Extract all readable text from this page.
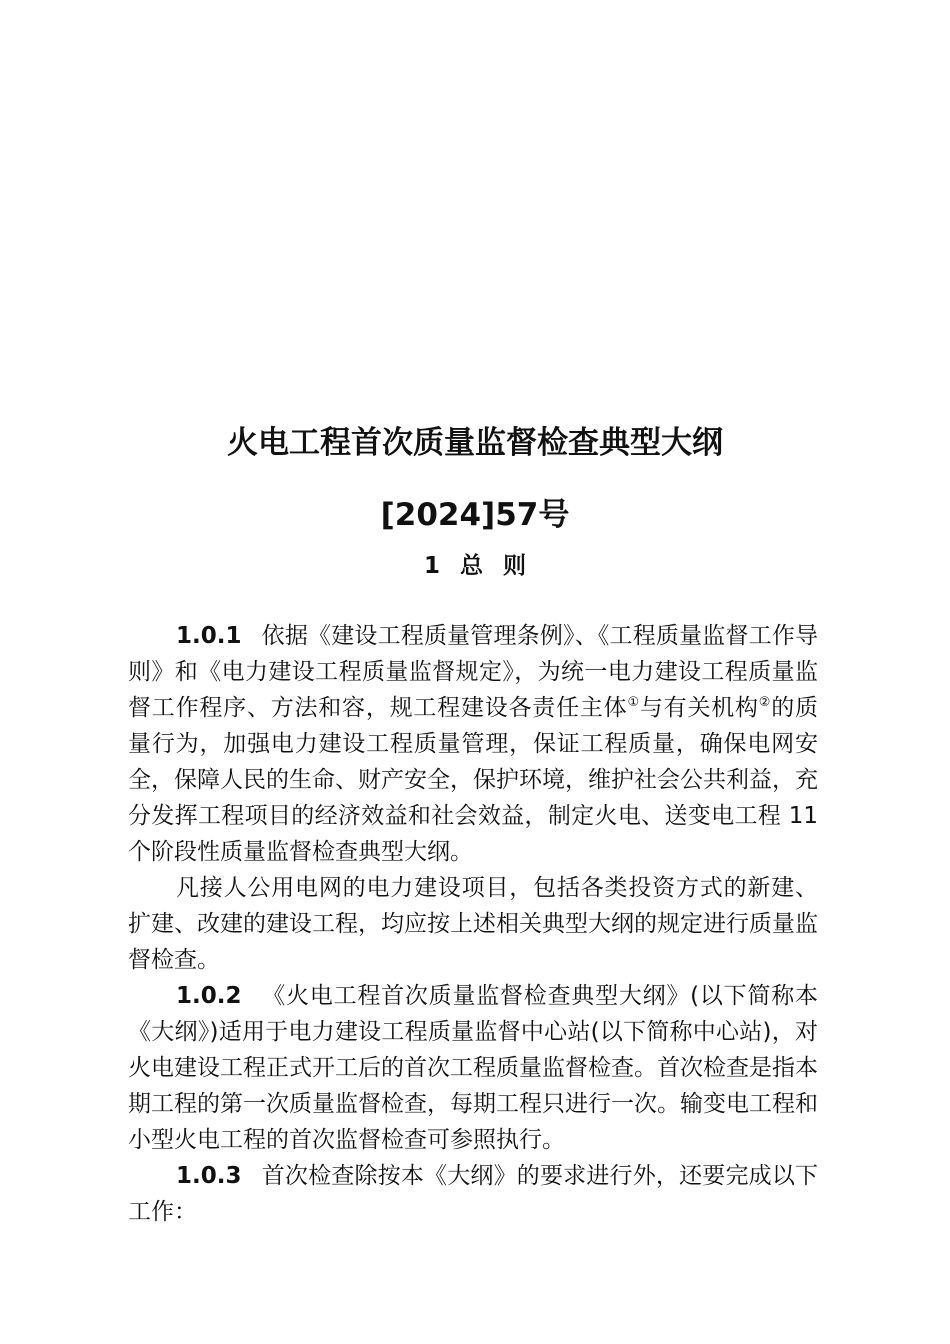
火电工程首次质量监督检查典型大纲
[2024]57号
1 总 则

1.0.1 依据《建设工程质量管理条例》、《工程质量监督工作导则》和《电力建设工程质量监督规定》，为统一电力建设工程质量监督工作程序、方法和容，规工程建设各责任主体①与有关机构②的质量行为，加强电力建设工程质量管理，保证工程质量，确保电网安全，保障人民的生命、财产安全，保护环境，维护社会公共利益，充分发挥工程项目的经济效益和社会效益，制定火电、送变电工程 11 个阶段性质量监督检查典型大纲。

凡接人公用电网的电力建设项目，包括各类投资方式的新建、扩建、改建的建设工程，均应按上述相关典型大纲的规定进行质量监督检查。

1.0.2 《火电工程首次质量监督检查典型大纲》(以下简称本《大纲》)适用于电力建设工程质量监督中心站(以下简称中心站)，对火电建设工程正式开工后的首次工程质量监督检查。首次检查是指本期工程的第一次质量监督检查，每期工程只进行一次。输变电工程和小型火电工程的首次监督检查可参照执行。

1.0.3 首次检查除按本《大纲》的要求进行外，还要完成以下工作：
